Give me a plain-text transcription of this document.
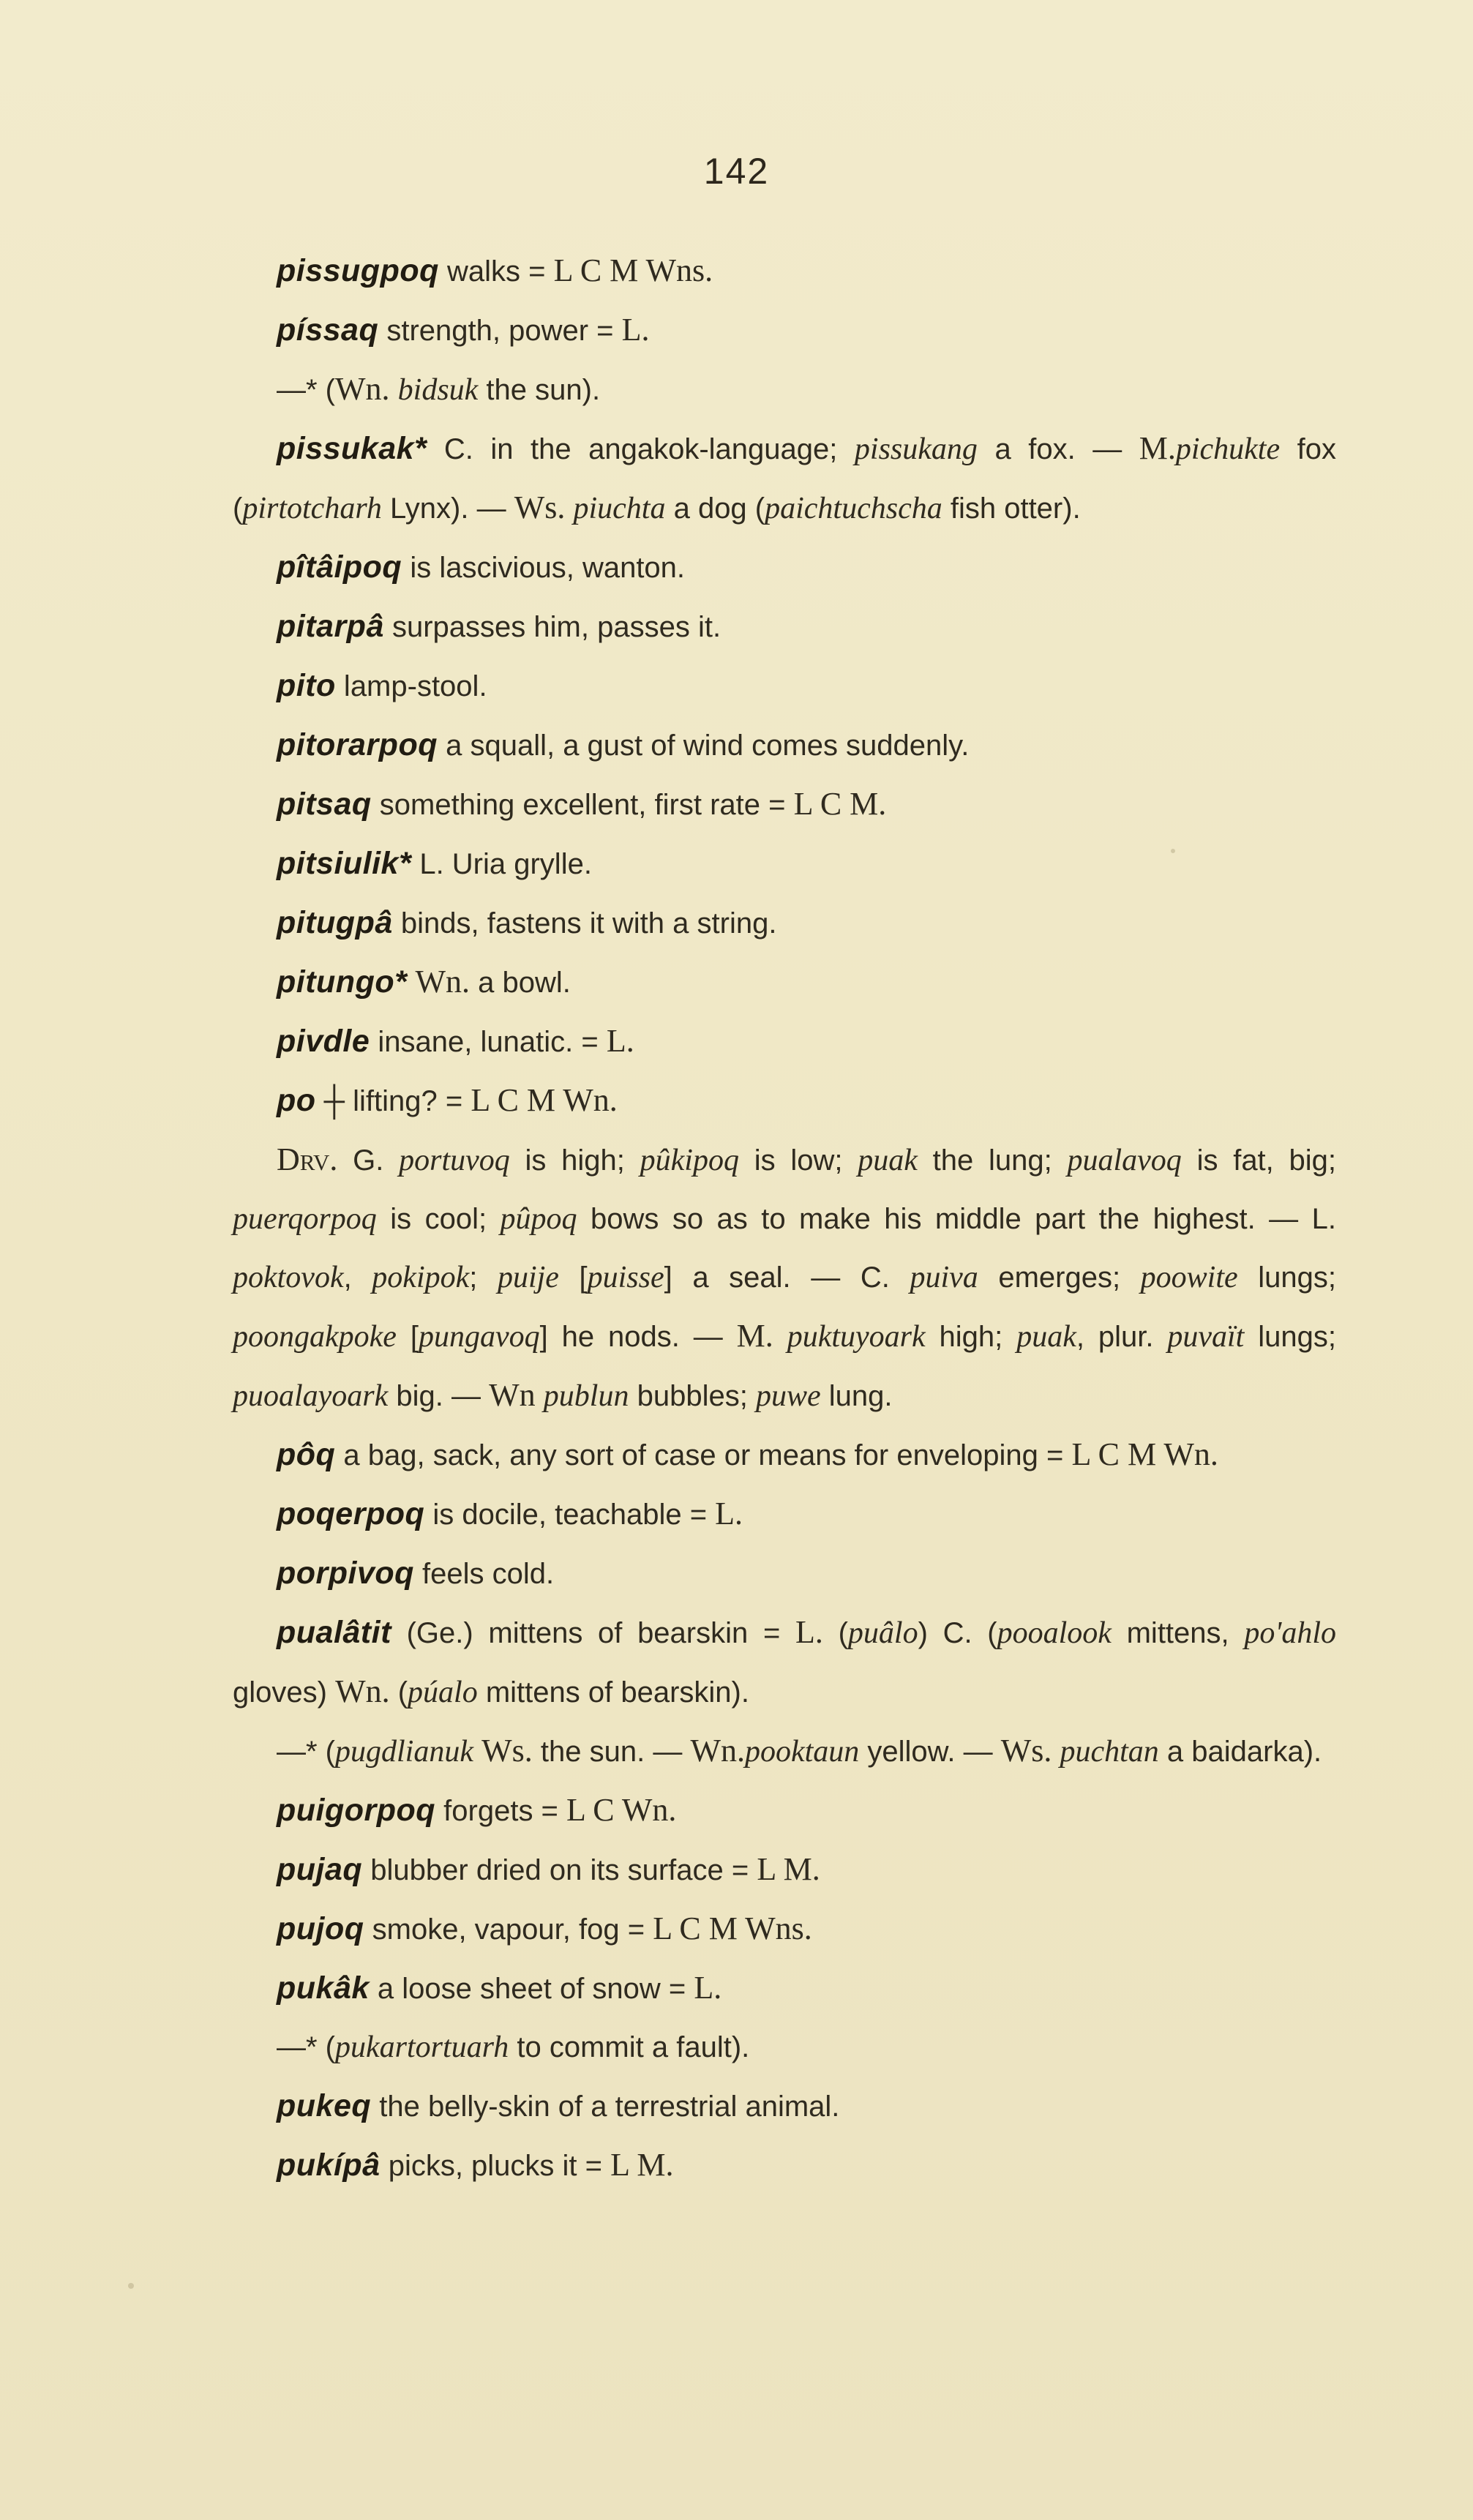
142

pissugpoq walks = L C M Wns.

píssaq strength, power = L.

—* (Wn. bidsuk the sun).

pissukak* C. in the angakok-language; pissukang a fox. — M.pichukte fox (pirtotcharh Lynx). — Ws. piuchta a dog (paichtuchscha fish otter).

pîtâipoq is lascivious, wanton.

pitarpâ surpasses him, passes it.

pito lamp-stool.

pitorarpoq a squall, a gust of wind comes suddenly.

pitsaq something excellent, first rate = L C M.

pitsiulik* L. Uria grylle.

pitugpâ binds, fastens it with a string.

pitungo* Wn. a bowl.

pivdle insane, lunatic. = L.

po ┼ lifting? = L C M Wn.

Drv. G. portuvoq is high; pûkipoq is low; puak the lung; pualavoq is fat, big; puerqorpoq is cool; pûpoq bows so as to make his middle part the highest. — L. poktovok, pokipok; puije [puisse] a seal. — C. puiva emerges; poowite lungs; poongakpoke [pungavoq] he nods. — M. puktuyoark high; puak, plur. puvaït lungs; puoalayoark big. — Wn publun bubbles; puwe lung.

pôq a bag, sack, any sort of case or means for enveloping = L C M Wn.

poqerpoq is docile, teachable = L.

porpivoq feels cold.

pualâtit (Ge.) mittens of bearskin = L. (puâlo) C. (pooalook mittens, po'ahlo gloves) Wn. (púalo mittens of bearskin).

—* (pugdlianuk Ws. the sun. — Wn.pooktaun yellow. — Ws. puchtan a baidarka).

puigorpoq forgets = L C Wn.

pujaq blubber dried on its surface = L M.

pujoq smoke, vapour, fog = L C M Wns.

pukâk a loose sheet of snow = L.

—* (pukartortuarh to commit a fault).

pukeq the belly-skin of a terrestrial animal.

pukípâ picks, plucks it = L M.
